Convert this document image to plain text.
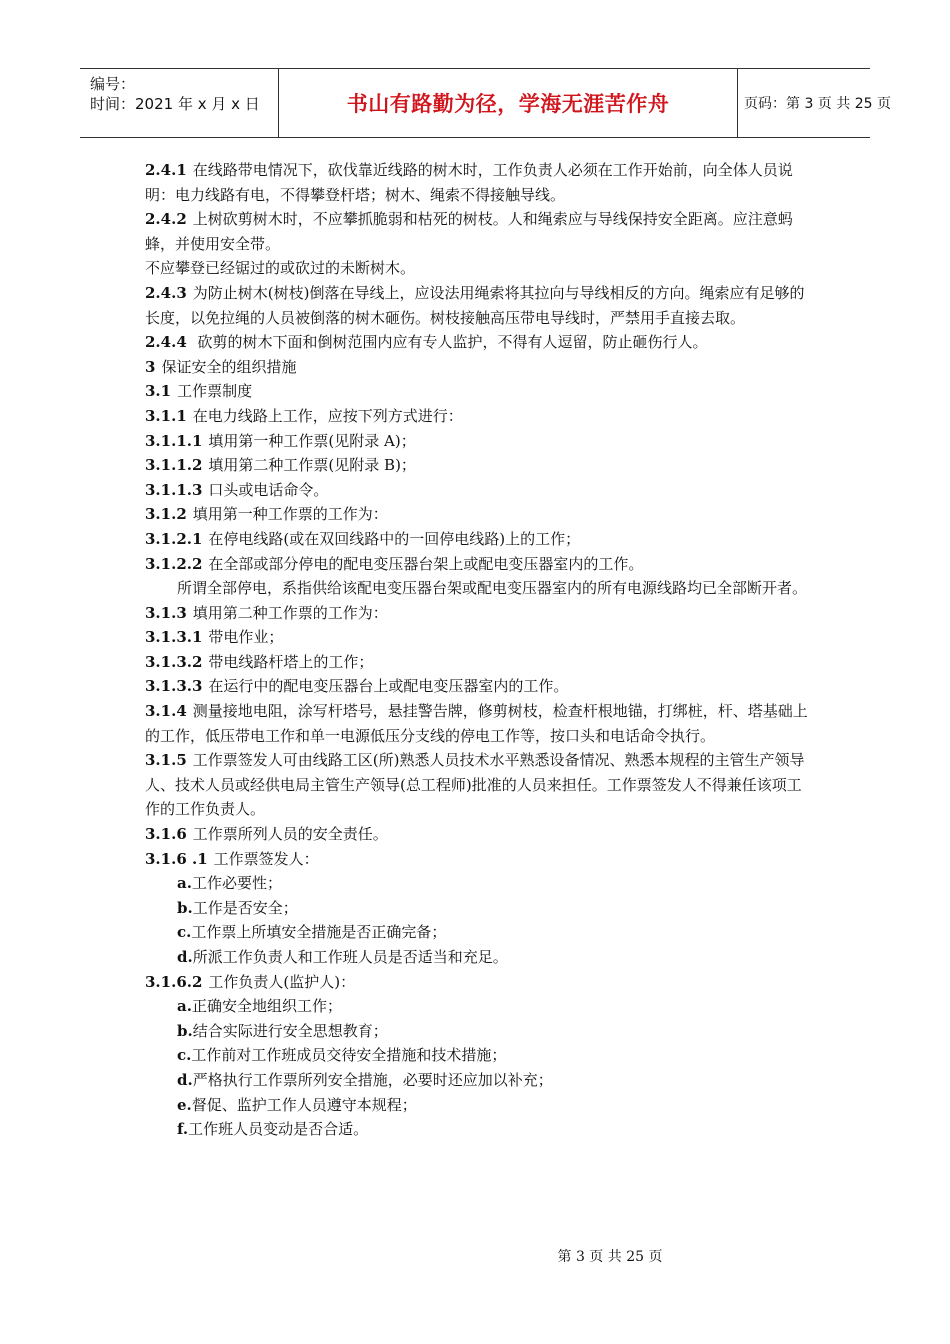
编号：
时间：2021 年 x 月 x 日	书山有路勤为径，学海无涯苦作舟	页码：第 3 页 共 25 页

2.4.1 在线路带电情况下，砍伐靠近线路的树木时，工作负责人必须在工作开始前，向全体人员说明：电力线路有电，不得攀登杆塔；树木、绳索不得接触导线。

2.4.2 上树砍剪树木时，不应攀抓脆弱和枯死的树枝。人和绳索应与导线保持安全距离。应注意蚂蜂，并使用安全带。

不应攀登已经锯过的或砍过的未断树木。

2.4.3 为防止树木(树枝)倒落在导线上，应设法用绳索将其拉向与导线相反的方向。绳索应有足够的长度，以免拉绳的人员被倒落的树木砸伤。树枝接触高压带电导线时，严禁用手直接去取。

2.4.4 砍剪的树木下面和倒树范围内应有专人监护，不得有人逗留，防止砸伤行人。

3 保证安全的组织措施

3.1 工作票制度

3.1.1 在电力线路上工作，应按下列方式进行：

3.1.1.1 填用第一种工作票(见附录 A)；

3.1.1.2 填用第二种工作票(见附录 B)；

3.1.1.3 口头或电话命令。

3.1.2 填用第一种工作票的工作为：

3.1.2.1 在停电线路(或在双回线路中的一回停电线路)上的工作；

3.1.2.2 在全部或部分停电的配电变压器台架上或配电变压器室内的工作。

所谓全部停电，系指供给该配电变压器台架或配电变压器室内的所有电源线路均已全部断开者。

3.1.3 填用第二种工作票的工作为：

3.1.3.1 带电作业；

3.1.3.2 带电线路杆塔上的工作；

3.1.3.3 在运行中的配电变压器台上或配电变压器室内的工作。

3.1.4 测量接地电阻，涂写杆塔号，悬挂警告牌，修剪树枝，检查杆根地锚，打绑桩，杆、塔基础上的工作，低压带电工作和单一电源低压分支线的停电工作等，按口头和电话命令执行。

3.1.5 工作票签发人可由线路工区(所)熟悉人员技术水平熟悉设备情况、熟悉本规程的主管生产领导人、技术人员或经供电局主管生产领导(总工程师)批准的人员来担任。工作票签发人不得兼任该项工作的工作负责人。

3.1.6 工作票所列人员的安全责任。

3.1.6 .1 工作票签发人：

a.工作必要性；

b.工作是否安全；

c.工作票上所填安全措施是否正确完备；

d.所派工作负责人和工作班人员是否适当和充足。

3.1.6.2 工作负责人(监护人)：

a.正确安全地组织工作；

b.结合实际进行安全思想教育；

c.工作前对工作班成员交待安全措施和技术措施；

d.严格执行工作票所列安全措施，必要时还应加以补充；

e.督促、监护工作人员遵守本规程；

f.工作班人员变动是否合适。

第 3 页 共 25 页
